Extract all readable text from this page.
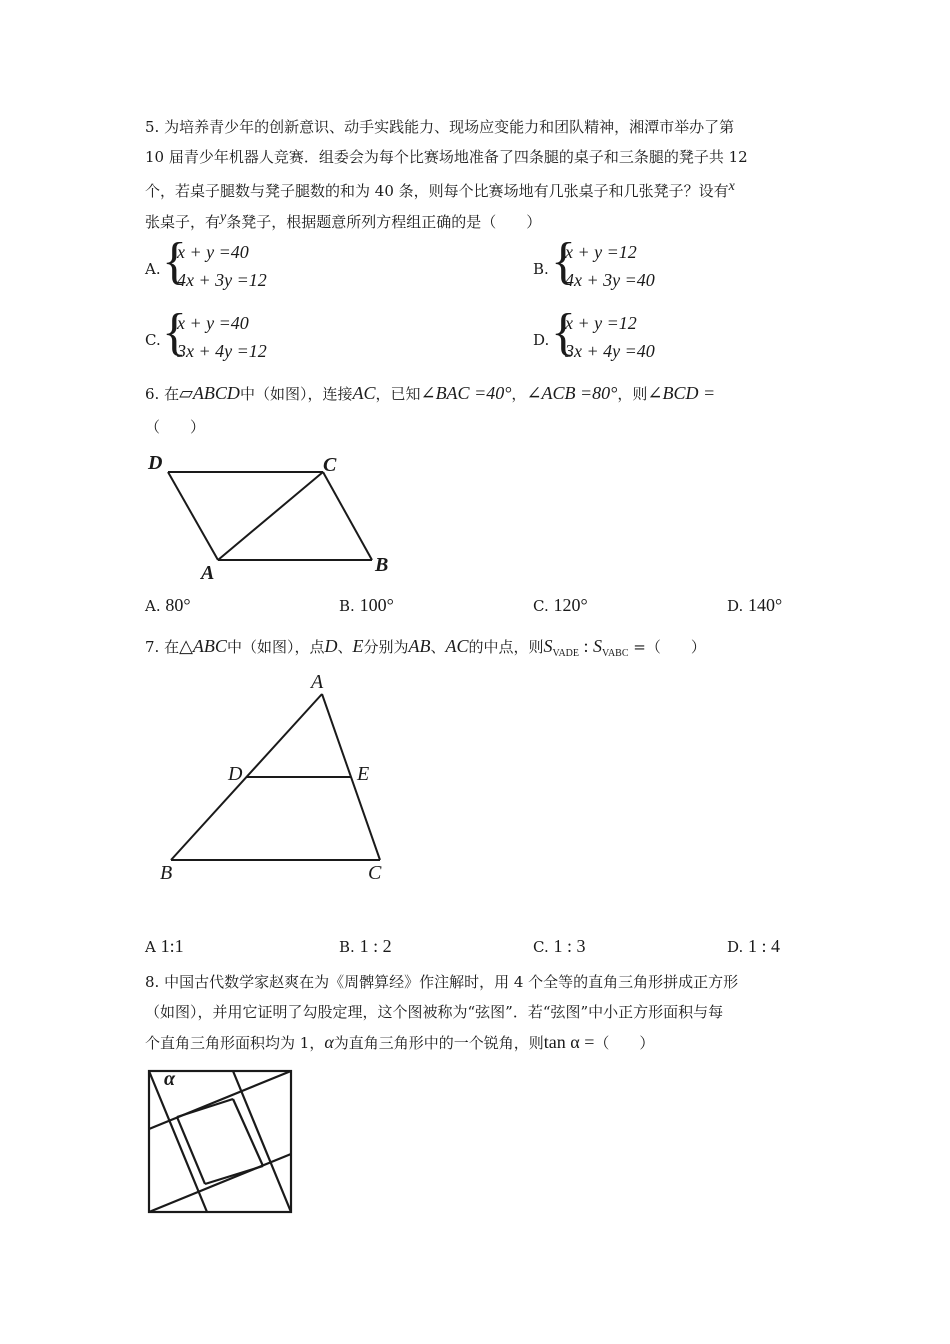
5. 为培养青少年的创新意识、动手实践能力、现场应变能力和团队精神，湘潭市举办了第
10 届青少年机器人竞赛．组委会为每个比赛场地准备了四条腿的桌子和三条腿的凳子共 12
个，若桌子腿数与凳子腿数的和为 40 条，则每个比赛场地有几张桌子和几张凳子？设有$^x$
张桌子，有$^y$条凳子，根据题意所列方程组正确的是（　　）
A. {
x + y =40
4x + 3y =12
B. {
x + y =12
4x + 3y =40
C. {
x + y =40
3x + 4y =12
D. {
x + y =12
3x + 4y =40
6. 在▱ABCD中（如图），连接AC，已知∠BAC =40°，∠ACB =80°，则∠BCD =
（　　）
D	C
A	B
A. 80°	B. 100°	C. 120°	D. 140°
7. 在△ABC中（如图），点D、E分别为AB、AC的中点，则$S_{VADE}$ : $S_{VABC}$ =（　　）
A
D	E
B	C
A 1:1	B. 1 : 2	C. 1 : 3	D. 1 : 4
8. 中国古代数学家赵爽在为《周髀算经》作注解时，用 4 个全等的直角三角形拼成正方形
（如图），并用它证明了勾股定理，这个图被称为“弦图”．若“弦图”中小正方形面积与每
个直角三角形面积均为 1，α为直角三角形中的一个锐角，则tan α =（　　）
α
